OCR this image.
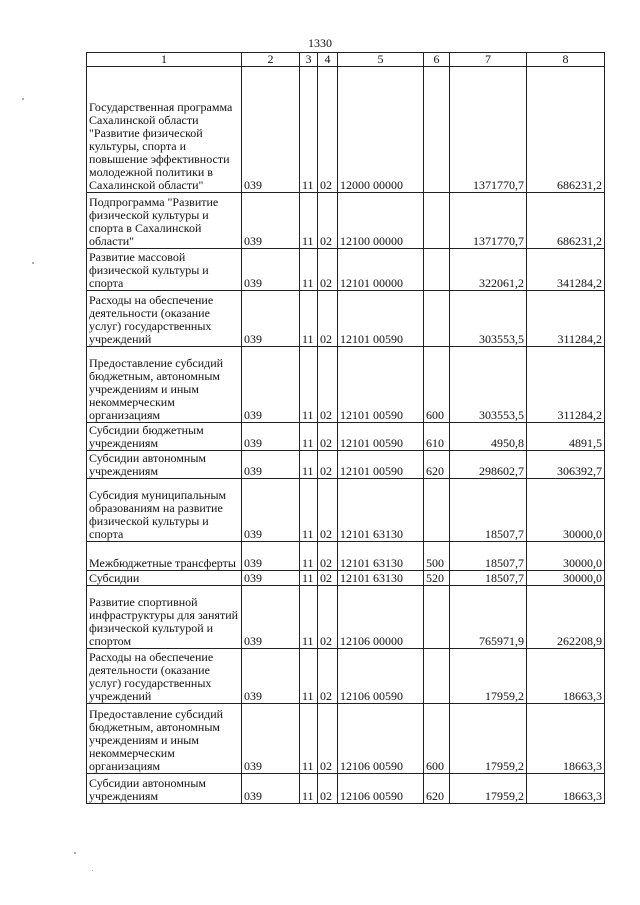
1330
1	2	3	4	5	6	7	8
Государственная программа Сахалинской области "Развитие физической культуры, спорта и повышение эффективности молодежной политики в Сахалинской области"	039	11	02	12000 00000		1371770,7	686231,2
Подпрограмма "Развитие физической культуры и спорта в Сахалинской области"	039	11	02	12100 00000		1371770,7	686231,2
Развитие массовой физической культуры и спорта	039	11	02	12101 00000		322061,2	341284,2
Расходы на обеспечение деятельности (оказание услуг) государственных учреждений	039	11	02	12101 00590		303553,5	311284,2
Предоставление субсидий бюджетным, автономным учреждениям и иным некоммерческим организациям	039	11	02	12101 00590	600	303553,5	311284,2
Субсидии бюджетным учреждениям	039	11	02	12101 00590	610	4950,8	4891,5
Субсидии автономным учреждениям	039	11	02	12101 00590	620	298602,7	306392,7
Субсидия муниципальным образованиям на развитие физической культуры и спорта	039	11	02	12101 63130		18507,7	30000,0
Межбюджетные трансферты	039	11	02	12101 63130	500	18507,7	30000,0
Субсидии	039	11	02	12101 63130	520	18507,7	30000,0
Развитие спортивной инфраструктуры для занятий физической культурой и спортом	039	11	02	12106 00000		765971,9	262208,9
Расходы на обеспечение деятельности (оказание услуг) государственных учреждений	039	11	02	12106 00590		17959,2	18663,3
Предоставление субсидий бюджетным, автономным учреждениям и иным некоммерческим организациям	039	11	02	12106 00590	600	17959,2	18663,3
Субсидии автономным учреждениям	039	11	02	12106 00590	620	17959,2	18663,3
